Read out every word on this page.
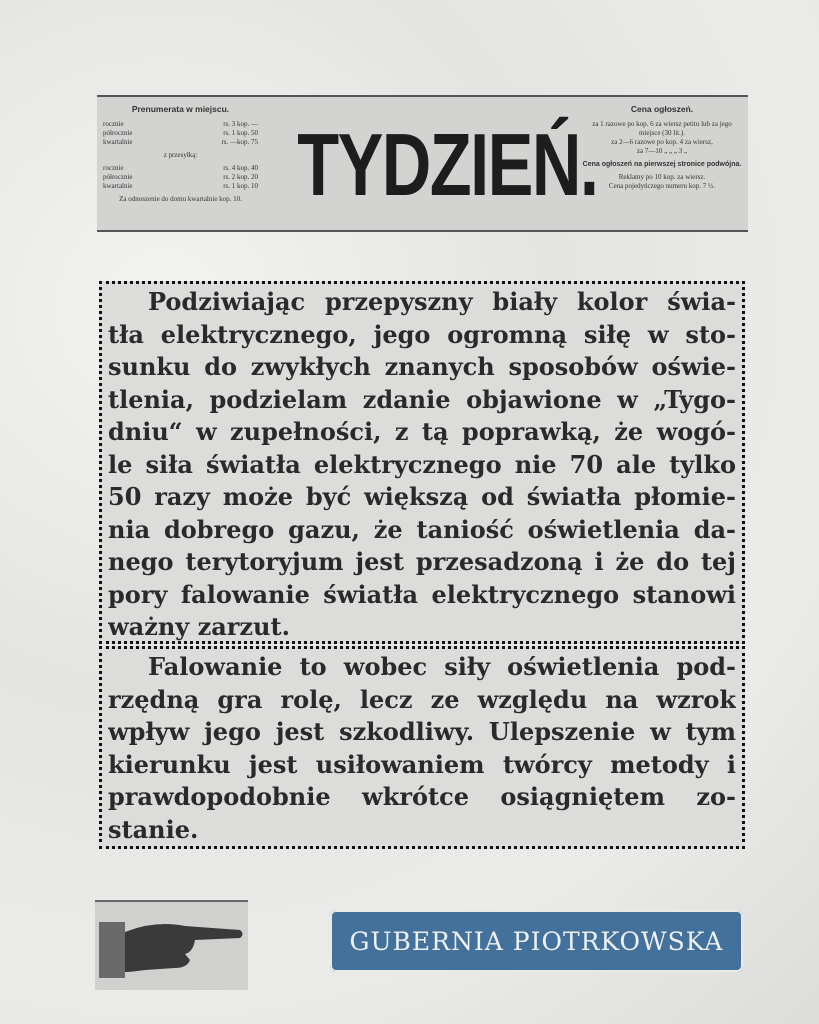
Prenumerata w miejscu.
rocznie	rs. 3 kop. —
półrocznie	rs. 1 kop. 50
kwartalnie	rs. —kop. 75
z przesyłką:
rocznie	rs. 4 kop. 40
półrocznie	rs. 2 kop. 20
kwartalnie	rs. 1 kop. 10
Za odnoszenie do domu kwartalnie kop. 10. TYDZIEŃ.
Cena ogłoszeń.
za 1 razowe po kop. 6 za wiersz petitu lub za jego miejsce (30 lit.).
za 2—6 razowe po kop. 4 za wiersz,
za 7—10 „ „ „ 3 „
Cena ogłoszeń na pierwszej stronice podwójna.
Reklamy po 10 kop. za wiersz.
Cena pojedyńczego numeru kop. 7 ½.
Podziwiając przepyszny biały kolor świa-
tła elektrycznego, jego ogromną siłę w sto-
sunku do zwykłych znanych sposobów oświe-
tlenia, podzielam zdanie objawione w „Tygo-
dniu“ w zupełności, z tą poprawką, że wogó-
le siła światła elektrycznego nie 70 ale tylko
50 razy może być większą od światła płomie-
nia dobrego gazu, że taniość oświetlenia da-
nego terytoryjum jest przesadzoną i że do tej
pory falowanie światła elektrycznego stanowi
ważny zarzut.
Falowanie to wobec siły oświetlenia pod-
rzędną gra rolę, lecz ze względu na wzrok
wpływ jego jest szkodliwy. Ulepszenie w tym
kierunku jest usiłowaniem twórcy metody i
prawdopodobnie wkrótce osiągniętem zo-
stanie.
GUBERNIA PIOTRKOWSKA
